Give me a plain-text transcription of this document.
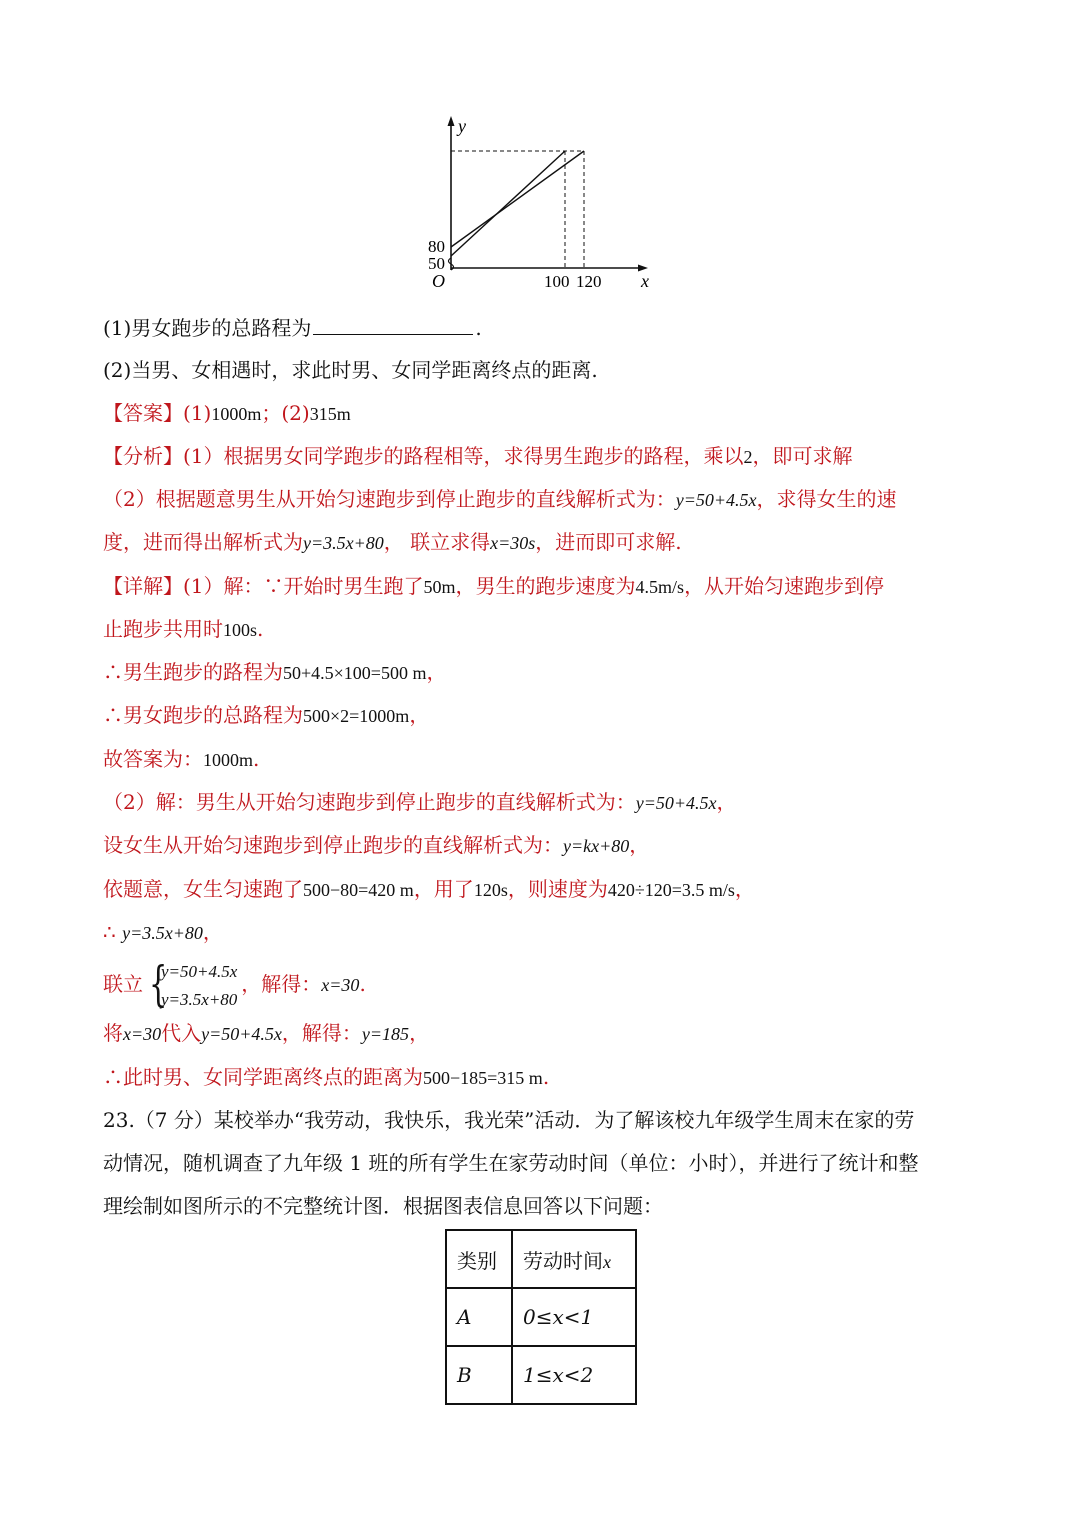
y
x
O
80
50
100 120
(1)男女跑步的总路程为	.
(2)当男、女相遇时，求此时男、女同学距离终点的距离.
【答案】(1)1000m；(2)315m
【分析】(1）根据男女同学跑步的路程相等，求得男生跑步的路程，乘以2，即可求解
（2）根据题意男生从开始匀速跑步到停止跑步的直线解析式为：y=50+4.5x，求得女生的速
度，进而得出解析式为y=3.5x+80， 联立求得x=30s，进而即可求解.
【详解】(1）解：∵开始时男生跑了50m，男生的跑步速度为4.5m/s，从开始匀速跑步到停
止跑步共用时100s.
∴男生跑步的路程为50+4.5×100=500 m，
∴男女跑步的总路程为500×2=1000m，
故答案为：1000m.
（2）解：男生从开始匀速跑步到停止跑步的直线解析式为：y=50+4.5x，
设女生从开始匀速跑步到停止跑步的直线解析式为：y=kx+80，
依题意，女生匀速跑了500−80=420 m，用了120s，则速度为420÷120=3.5 m/s，
∴ y=3.5x+80，
联立 {
y=50+4.5x
y=3.5x+80
，解得：x=30.
将x=30代入y=50+4.5x，解得：y=185，
∴此时男、女同学距离终点的距离为500−185=315 m.
23.（7 分）某校举办“我劳动，我快乐，我光荣”活动．为了解该校九年级学生周末在家的劳
动情况，随机调查了九年级 1 班的所有学生在家劳动时间（单位：小时），并进行了统计和整
理绘制如图所示的不完整统计图．根据图表信息回答以下问题：
类别	劳动时间x
A	0≤x<1
B	1≤x<2
